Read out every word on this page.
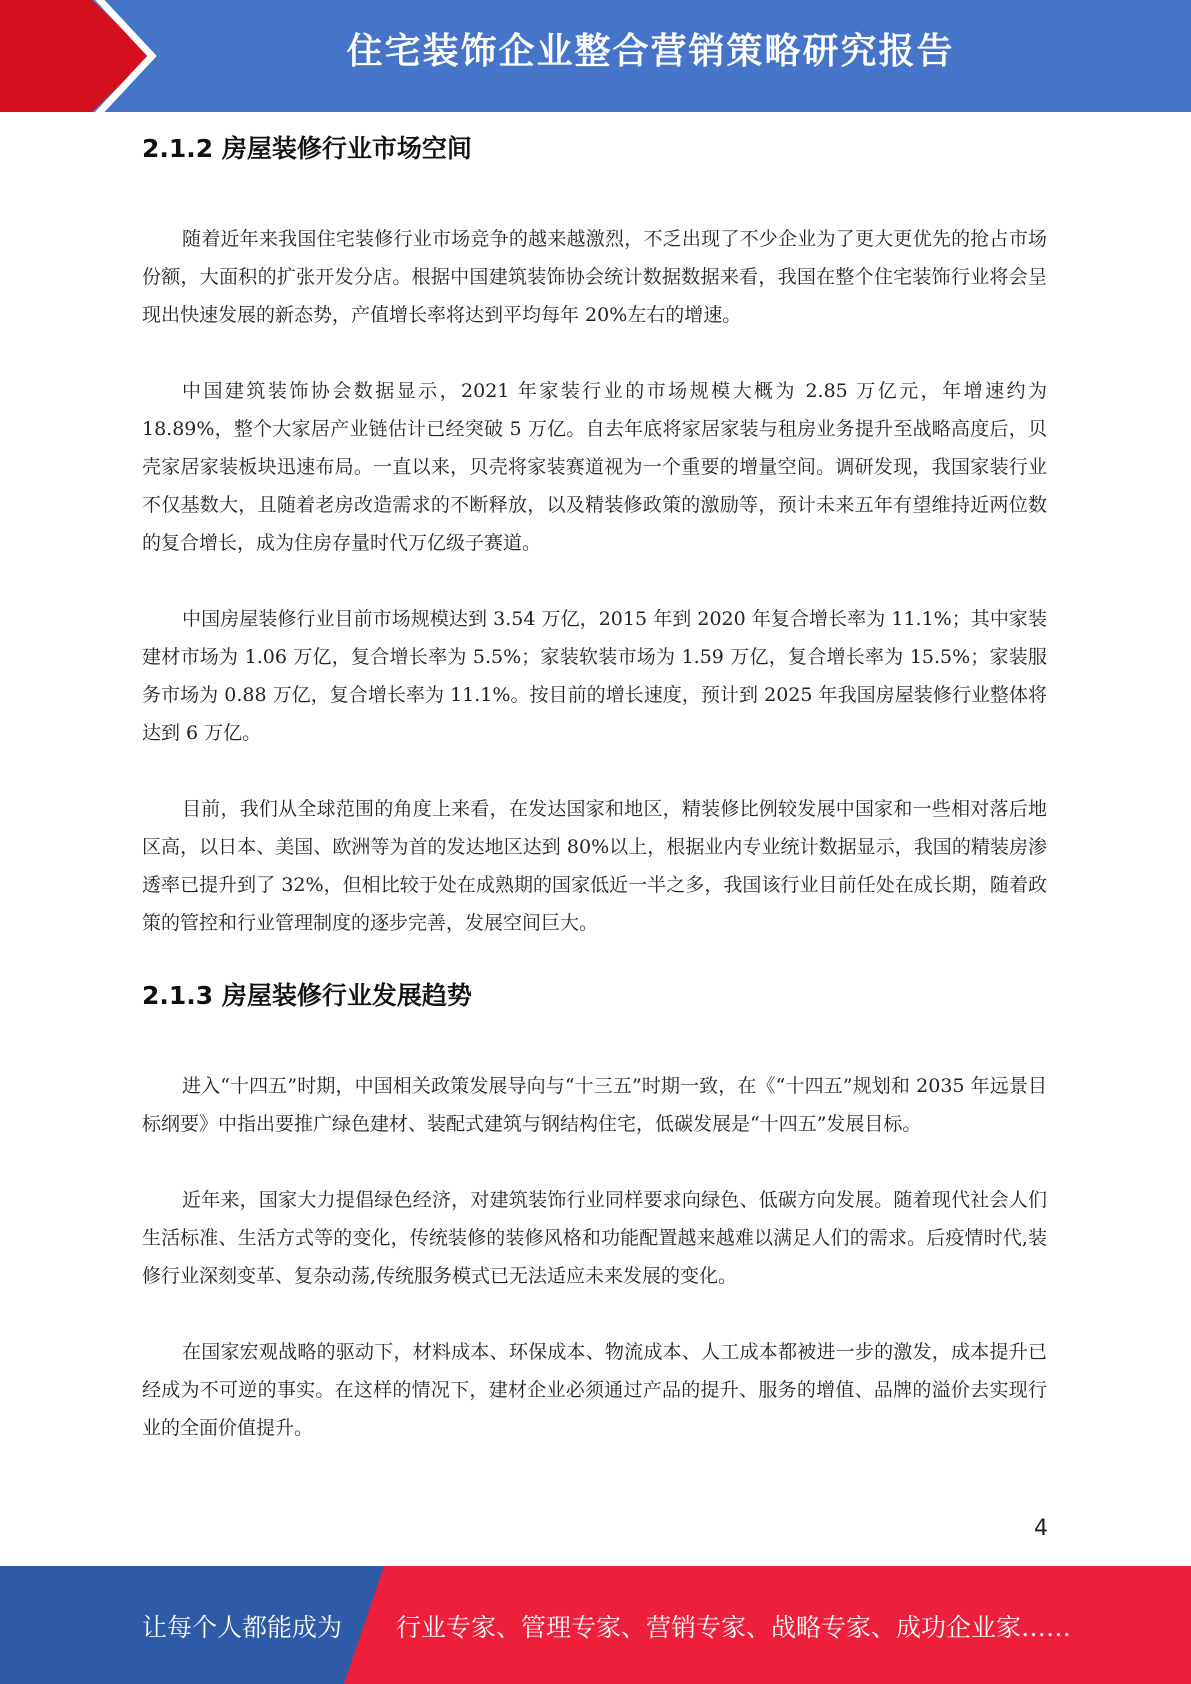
住宅装饰企业整合营销策略研究报告
2.1.2 房屋装修行业市场空间

随着近年来我国住宅装修行业市场竞争的越来越激烈，不乏出现了不少企业为了更大更优先的抢占市场份额，大面积的扩张开发分店。根据中国建筑装饰协会统计数据数据来看，我国在整个住宅装饰行业将会呈现出快速发展的新态势，产值增长率将达到平均每年 20%左右的增速。

中国建筑装饰协会数据显示，2021 年家装行业的市场规模大概为 2.85 万亿元，年增速约为 18.89%，整个大家居产业链估计已经突破 5 万亿。自去年底将家居家装与租房业务提升至战略高度后，贝壳家居家装板块迅速布局。一直以来，贝壳将家装赛道视为一个重要的增量空间。调研发现，我国家装行业不仅基数大，且随着老房改造需求的不断释放，以及精装修政策的激励等，预计未来五年有望维持近两位数的复合增长，成为住房存量时代万亿级子赛道。

中国房屋装修行业目前市场规模达到 3.54 万亿，2015 年到 2020 年复合增长率为 11.1%；其中家装建材市场为 1.06 万亿，复合增长率为 5.5%；家装软装市场为 1.59 万亿，复合增长率为 15.5%；家装服务市场为 0.88 万亿，复合增长率为 11.1%。按目前的增长速度，预计到 2025 年我国房屋装修行业整体将达到 6 万亿。

目前，我们从全球范围的角度上来看，在发达国家和地区，精装修比例较发展中国家和一些相对落后地区高，以日本、美国、欧洲等为首的发达地区达到 80%以上，根据业内专业统计数据显示，我国的精装房渗透率已提升到了 32%，但相比较于处在成熟期的国家低近一半之多，我国该行业目前任处在成长期，随着政策的管控和行业管理制度的逐步完善，发展空间巨大。

2.1.3 房屋装修行业发展趋势

进入“十四五”时期，中国相关政策发展导向与“十三五”时期一致，在《“十四五”规划和 2035 年远景目标纲要》中指出要推广绿色建材、装配式建筑与钢结构住宅，低碳发展是“十四五”发展目标。

近年来，国家大力提倡绿色经济，对建筑装饰行业同样要求向绿色、低碳方向发展。随着现代社会人们生活标准、生活方式等的变化，传统装修的装修风格和功能配置越来越难以满足人们的需求。后疫情时代,装修行业深刻变革、复杂动荡,传统服务模式已无法适应未来发展的变化。

在国家宏观战略的驱动下，材料成本、环保成本、物流成本、人工成本都被进一步的激发，成本提升已经成为不可逆的事实。在这样的情况下，建材企业必须通过产品的提升、服务的增值、品牌的溢价去实现行业的全面价值提升。

4
让每个人都能成为 行业专家、管理专家、营销专家、战略专家、成功企业家……
